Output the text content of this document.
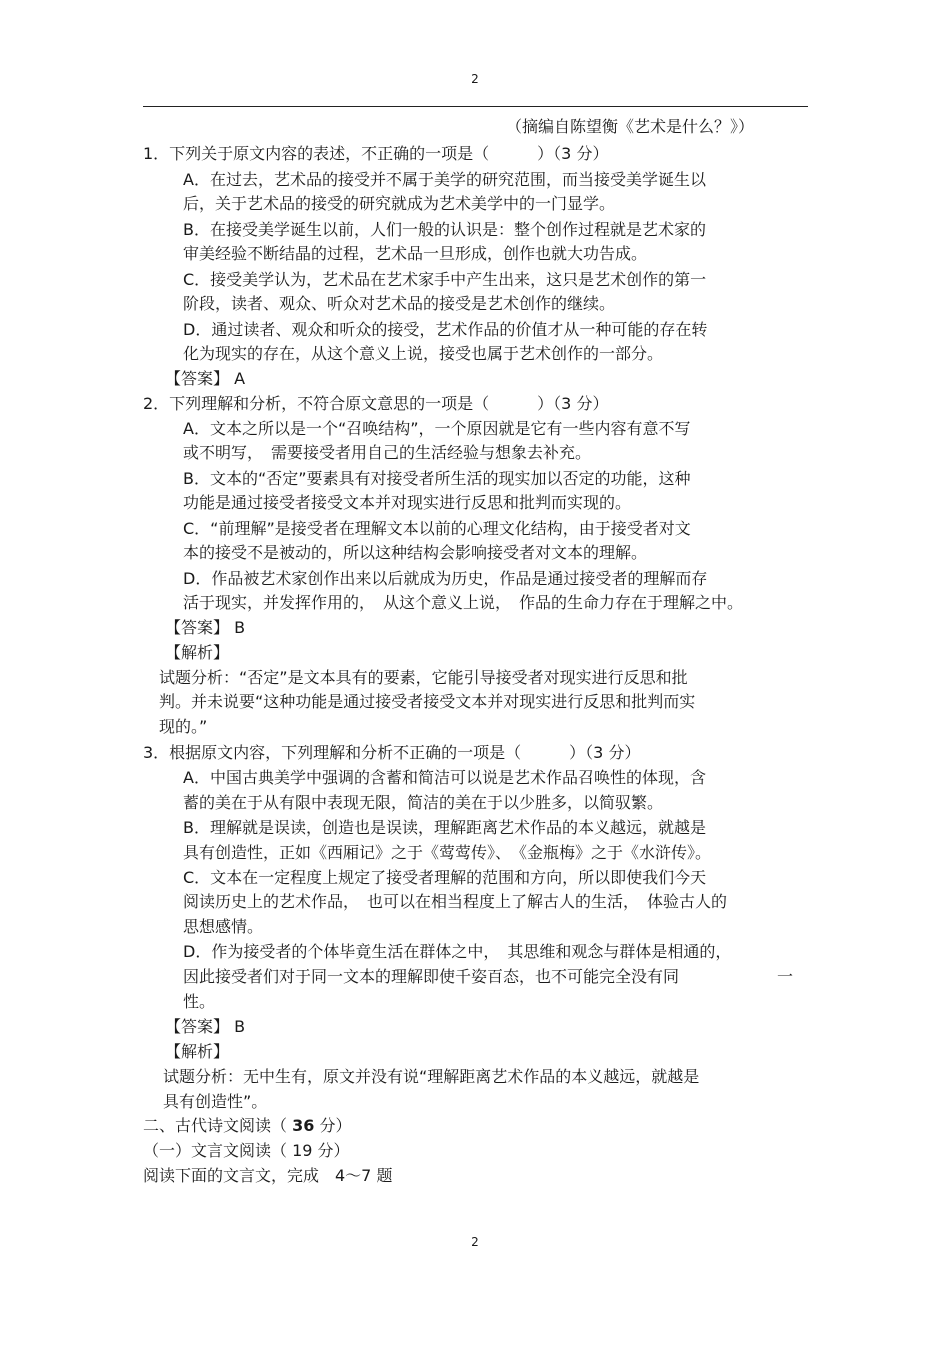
2
（摘编自陈望衡《艺术是什么？》）
1．下列关于原文内容的表述，不正确的一项是（　　　）（3 分）
A．在过去，艺术品的接受并不属于美学的研究范围，而当接受美学诞生以
后，关于艺术品的接受的研究就成为艺术美学中的一门显学。
B．在接受美学诞生以前，人们一般的认识是：整个创作过程就是艺术家的
审美经验不断结晶的过程，艺术品一旦形成，创作也就大功告成。
C．接受美学认为，艺术品在艺术家手中产生出来，这只是艺术创作的第一
阶段，读者、观众、听众对艺术品的接受是艺术创作的继续。
D．通过读者、观众和听众的接受，艺术作品的价值才从一种可能的存在转
化为现实的存在，从这个意义上说，接受也属于艺术创作的一部分。
【答案】 A
2．下列理解和分析，不符合原文意思的一项是（　　　）（3 分）
A．文本之所以是一个“召唤结构”，一个原因就是它有一些内容有意不写
或不明写，　需要接受者用自己的生活经验与想象去补充。
B．文本的“否定”要素具有对接受者所生活的现实加以否定的功能，这种
功能是通过接受者接受文本并对现实进行反思和批判而实现的。
C．“前理解”是接受者在理解文本以前的心理文化结构，由于接受者对文
本的接受不是被动的，所以这种结构会影响接受者对文本的理解。
D．作品被艺术家创作出来以后就成为历史，作品是通过接受者的理解而存
活于现实，并发挥作用的，　从这个意义上说，　作品的生命力存在于理解之中。
【答案】 B
【解析】
试题分析：“否定”是文本具有的要素，它能引导接受者对现实进行反思和批
判。并未说要“这种功能是通过接受者接受文本并对现实进行反思和批判而实
现的。”
3．根据原文内容，下列理解和分析不正确的一项是（　　　）（3 分）
A．中国古典美学中强调的含蓄和简洁可以说是艺术作品召唤性的体现，含
蓄的美在于从有限中表现无限，简洁的美在于以少胜多，以简驭繁。
B．理解就是误读，创造也是误读，理解距离艺术作品的本义越远，就越是
具有创造性，正如《西厢记》之于《莺莺传》、　《金瓶梅》之于《水浒传》。
C．文本在一定程度上规定了接受者理解的范围和方向，所以即使我们今天
阅读历史上的艺术作品，　也可以在相当程度上了解古人的生活，　体验古人的
思想感情。
D．作为接受者的个体毕竟生活在群体之中，　其思维和观念与群体是相通的，
因此接受者们对于同一文本的理解即使千姿百态，也不可能完全没有同	一
性。
【答案】 B
【解析】
试题分析：无中生有，原文并没有说“理解距离艺术作品的本义越远，就越是
具有创造性”。
二、古代诗文阅读（ 36 分）
（一）文言文阅读（ 19 分）
阅读下面的文言文，完成　4～7 题
2
